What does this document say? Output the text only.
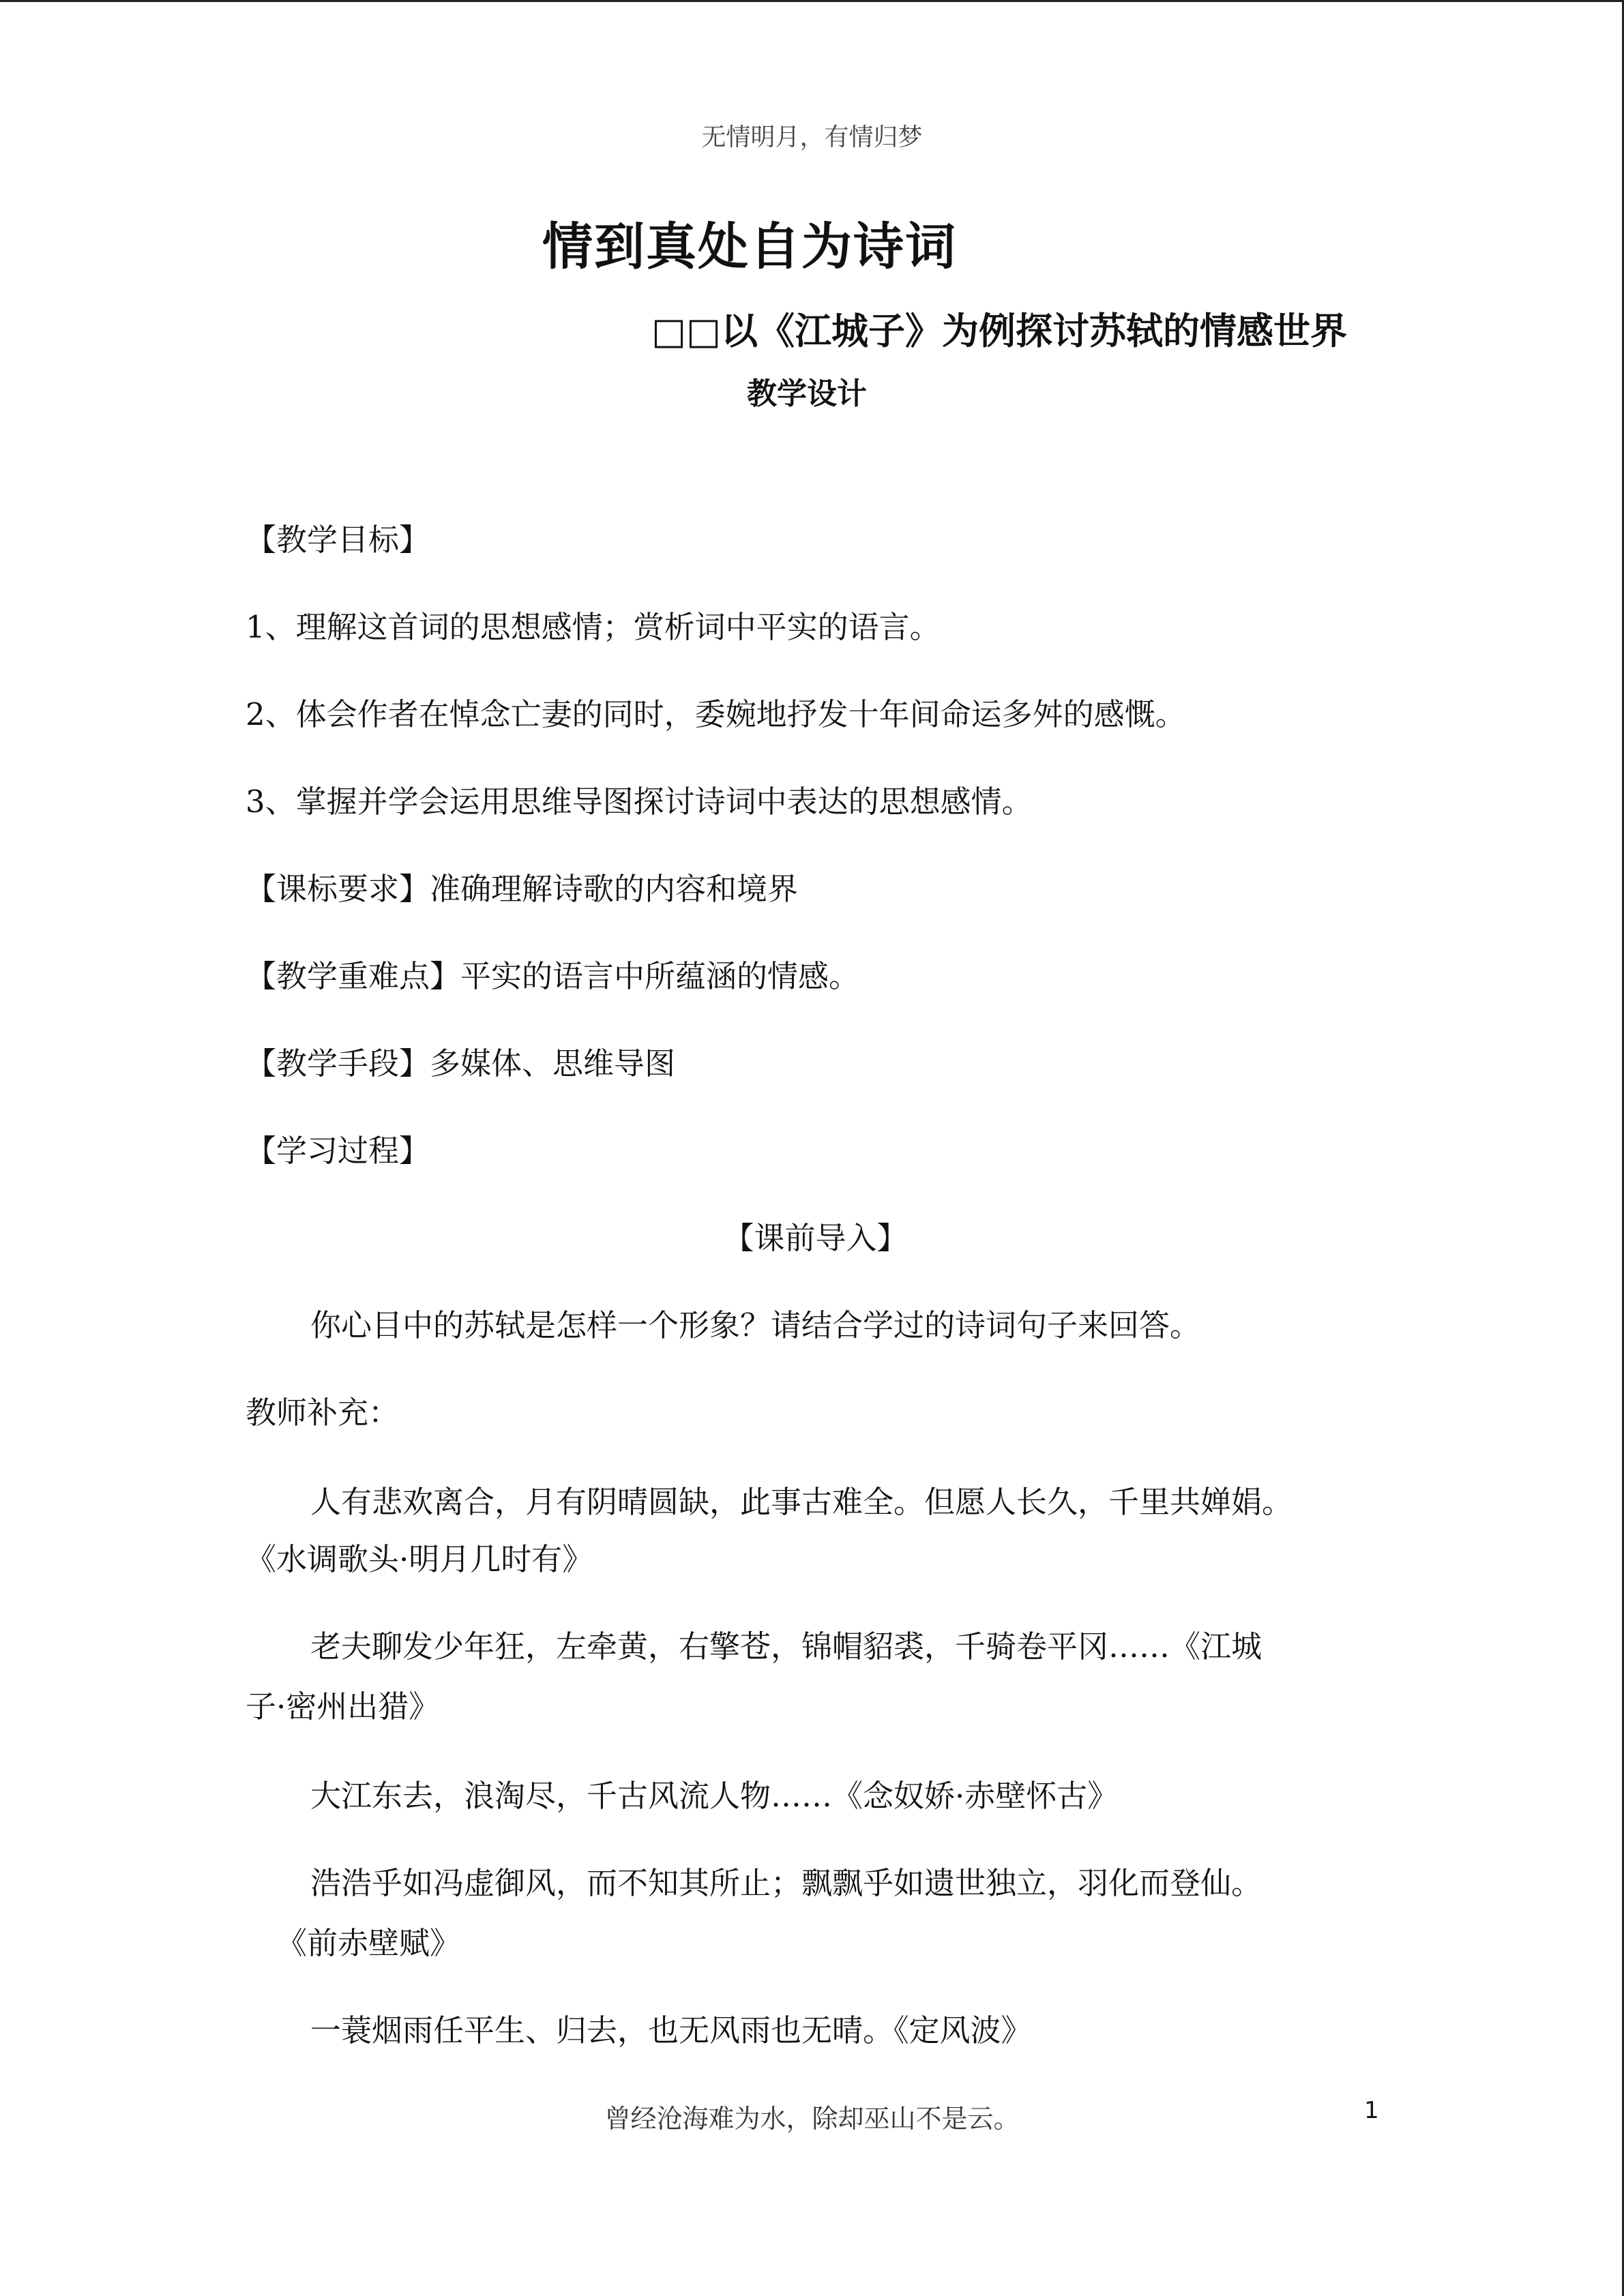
无情明月，有情归梦
情到真处自为诗词
□□以《江城子》为例探讨苏轼的情感世界
教学设计
【教学目标】
1、理解这首词的思想感情；赏析词中平实的语言。
2、体会作者在悼念亡妻的同时，委婉地抒发十年间命运多舛的感慨。
3、掌握并学会运用思维导图探讨诗词中表达的思想感情。
【课标要求】准确理解诗歌的内容和境界
【教学重难点】平实的语言中所蕴涵的情感。
【教学手段】多媒体、思维导图
【学习过程】
【课前导入】
你心目中的苏轼是怎样一个形象？请结合学过的诗词句子来回答。
教师补充：
人有悲欢离合，月有阴晴圆缺，此事古难全。但愿人长久，千里共婵娟。
《水调歌头·明月几时有》
老夫聊发少年狂，左牵黄，右擎苍，锦帽貂裘，千骑卷平冈……《江城
子·密州出猎》
大江东去，浪淘尽，千古风流人物……《念奴娇·赤壁怀古》
浩浩乎如冯虚御风，而不知其所止；飘飘乎如遗世独立，羽化而登仙。
《前赤壁赋》
一蓑烟雨任平生、归去，也无风雨也无晴。《定风波》
曾经沧海难为水，除却巫山不是云。	1
